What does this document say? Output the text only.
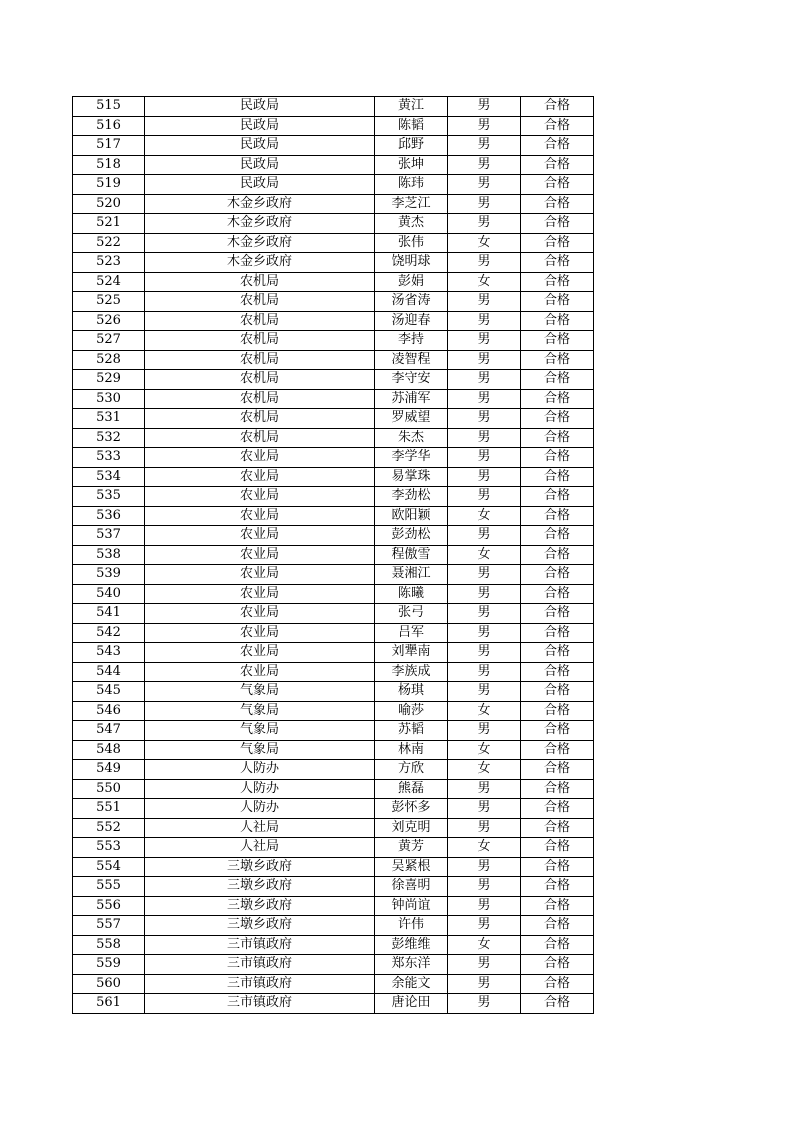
515	民政局	黄江	男	合格
516	民政局	陈韬	男	合格
517	民政局	邱野	男	合格
518	民政局	张坤	男	合格
519	民政局	陈玮	男	合格
520	木金乡政府	李芝江	男	合格
521	木金乡政府	黄杰	男	合格
522	木金乡政府	张伟	女	合格
523	木金乡政府	饶明球	男	合格
524	农机局	彭娟	女	合格
525	农机局	汤省涛	男	合格
526	农机局	汤迎春	男	合格
527	农机局	李持	男	合格
528	农机局	凌智程	男	合格
529	农机局	李守安	男	合格
530	农机局	苏浦军	男	合格
531	农机局	罗威望	男	合格
532	农机局	朱杰	男	合格
533	农业局	李学华	男	合格
534	农业局	易掌珠	男	合格
535	农业局	李劲松	男	合格
536	农业局	欧阳颖	女	合格
537	农业局	彭劲松	男	合格
538	农业局	程傲雪	女	合格
539	农业局	聂湘江	男	合格
540	农业局	陈曦	男	合格
541	农业局	张弓	男	合格
542	农业局	吕军	男	合格
543	农业局	刘犟南	男	合格
544	农业局	李族成	男	合格
545	气象局	杨琪	男	合格
546	气象局	喻莎	女	合格
547	气象局	苏韬	男	合格
548	气象局	林南	女	合格
549	人防办	方欣	女	合格
550	人防办	熊磊	男	合格
551	人防办	彭怀多	男	合格
552	人社局	刘克明	男	合格
553	人社局	黄芳	女	合格
554	三墩乡政府	吴紧根	男	合格
555	三墩乡政府	徐喜明	男	合格
556	三墩乡政府	钟尚谊	男	合格
557	三墩乡政府	许伟	男	合格
558	三市镇政府	彭维维	女	合格
559	三市镇政府	郑东洋	男	合格
560	三市镇政府	余能文	男	合格
561	三市镇政府	唐论田	男	合格
